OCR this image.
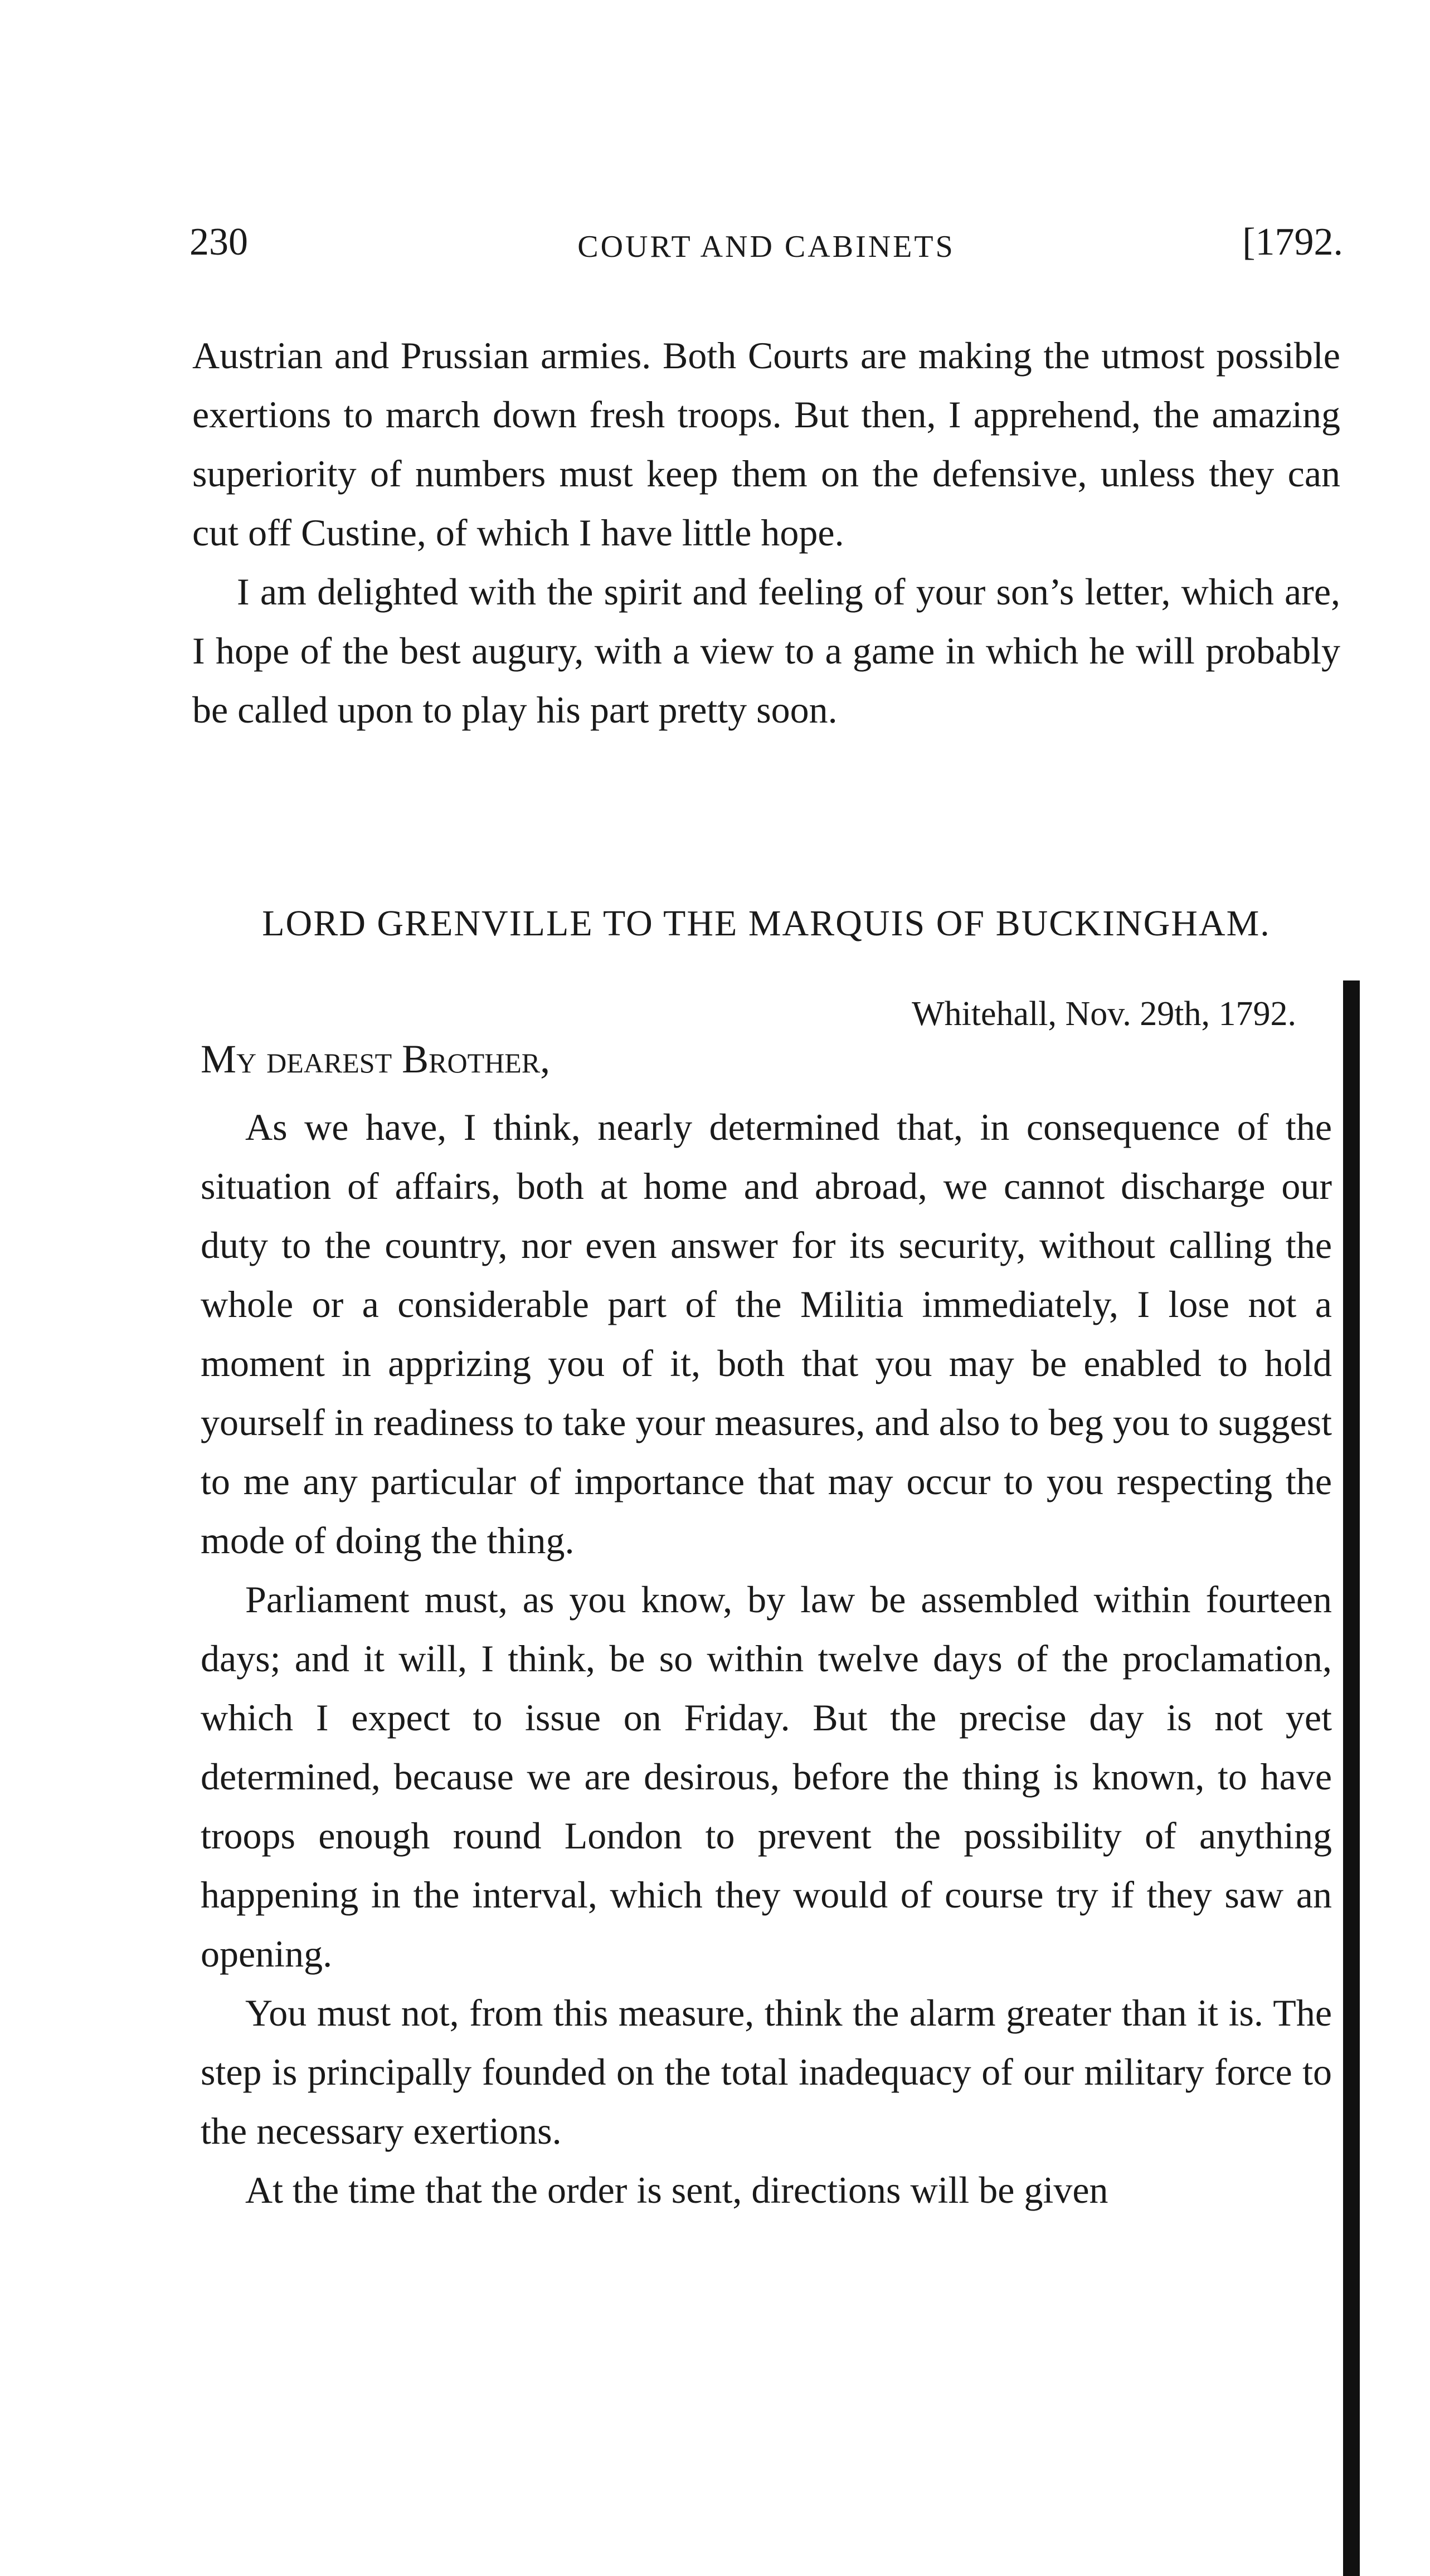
230	COURT AND CABINETS	[1792.

Austrian and Prussian armies. Both Courts are making the utmost possible exertions to march down fresh troops. But then, I apprehend, the amazing superiority of numbers must keep them on the defensive, unless they can cut off Custine, of which I have little hope.

I am delighted with the spirit and feeling of your son’s letter, which are, I hope of the best augury, with a view to a game in which he will probably be called upon to play his part pretty soon.

LORD GRENVILLE TO THE MARQUIS OF BUCKINGHAM.
Whitehall, Nov. 29th, 1792.
My dearest Brother,

As we have, I think, nearly determined that, in consequence of the situation of affairs, both at home and abroad, we cannot discharge our duty to the country, nor even answer for its security, without calling the whole or a considerable part of the Militia immediately, I lose not a moment in apprizing you of it, both that you may be enabled to hold yourself in readiness to take your measures, and also to beg you to suggest to me any particular of importance that may occur to you respecting the mode of doing the thing.

Parliament must, as you know, by law be assembled within fourteen days; and it will, I think, be so within twelve days of the proclamation, which I expect to issue on Friday. But the precise day is not yet determined, because we are desirous, before the thing is known, to have troops enough round London to prevent the possibility of anything happening in the interval, which they would of course try if they saw an opening.

You must not, from this measure, think the alarm greater than it is. The step is principally founded on the total inadequacy of our military force to the necessary exertions.

At the time that the order is sent, directions will be given
